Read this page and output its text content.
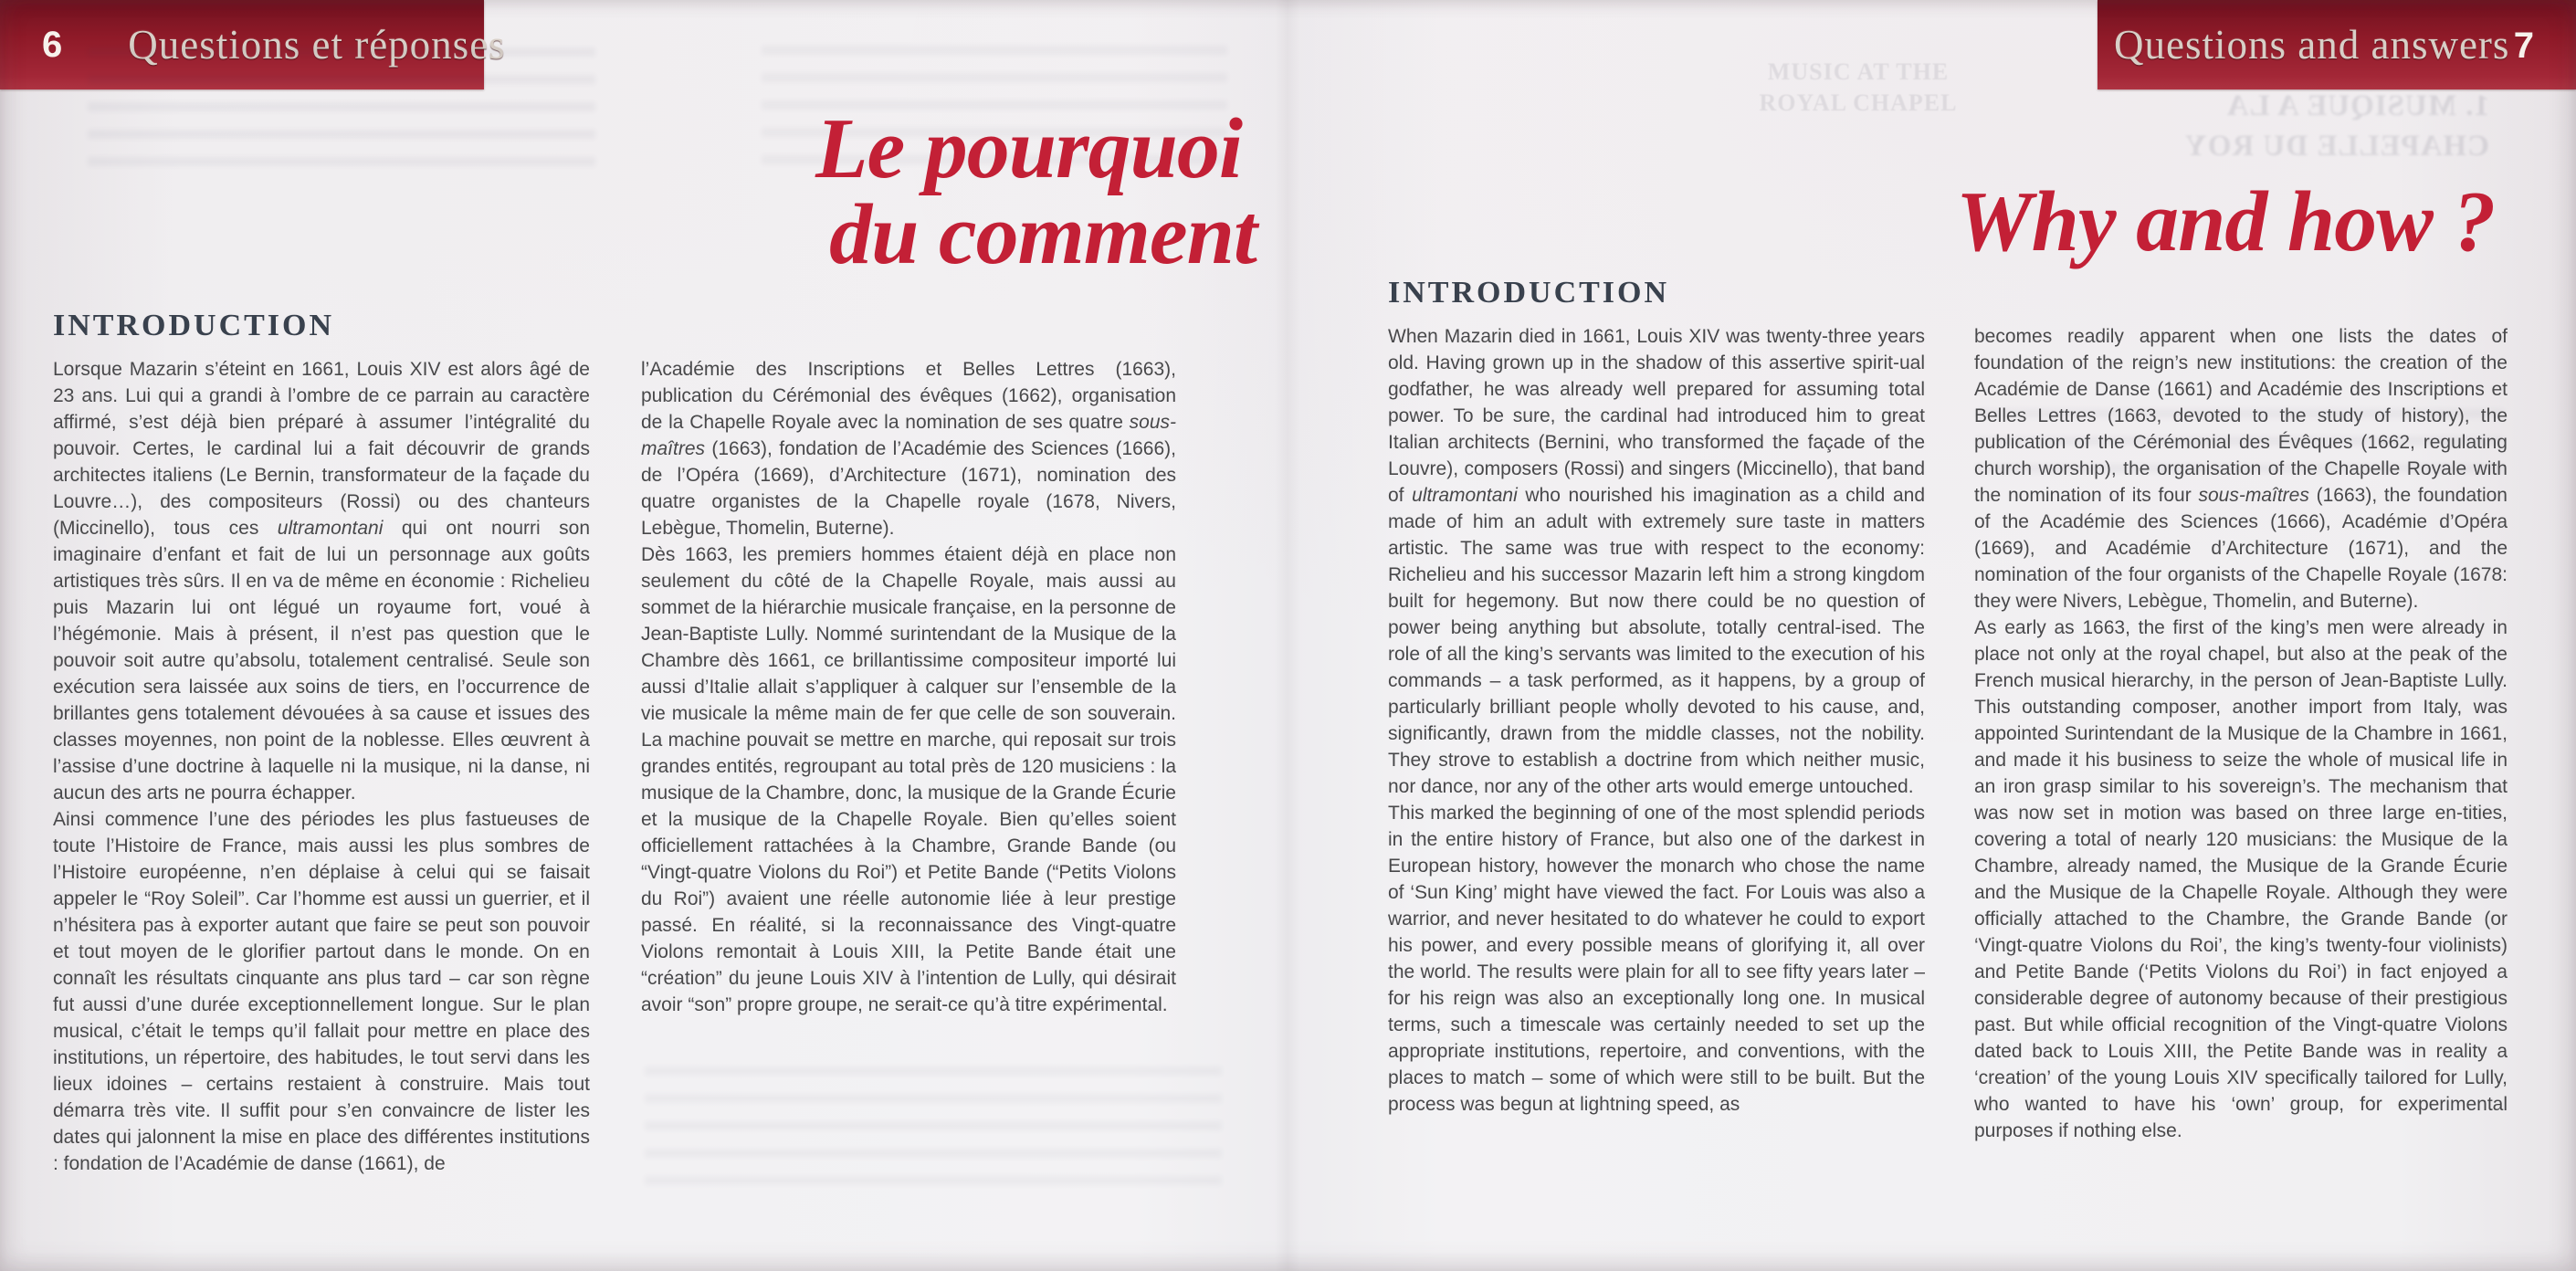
6 Questions et réponses
Le pourquoi
du comment
INTRODUCTION

Lorsque Mazarin s’éteint en 1661, Louis XIV est alors âgé de 23 ans. Lui qui a grandi à l’ombre de ce parrain au caractère affirmé, s’est déjà bien préparé à assumer l’intégralité du pouvoir. Certes, le cardinal lui a fait découvrir de grands architectes italiens (Le Bernin, transformateur de la façade du Louvre…), des compositeurs (Rossi) ou des chanteurs (Miccinello), tous ces ultramontani qui ont nourri son imaginaire d’enfant et fait de lui un personnage aux goûts artistiques très sûrs. Il en va de même en économie : Richelieu puis Mazarin lui ont légué un royaume fort, voué à l’hégémonie. Mais à présent, il n’est pas question que le pouvoir soit autre qu’absolu, totalement centralisé. Seule son exécution sera laissée aux soins de tiers, en l’occurrence de brillantes gens totalement dévouées à sa cause et issues des classes moyennes, non point de la noblesse. Elles œuvrent à l’assise d’une doctrine à laquelle ni la musique, ni la danse, ni aucun des arts ne pourra échapper.

Ainsi commence l’une des périodes les plus fastueuses de toute l’Histoire de France, mais aussi les plus sombres de l’Histoire européenne, n’en déplaise à celui qui se faisait appeler le “Roy Soleil”. Car l’homme est aussi un guerrier, et il n’hésitera pas à exporter autant que faire se peut son pouvoir et tout moyen de le glorifier partout dans le monde. On en connaît les résultats cinquante ans plus tard – car son règne fut aussi d’une durée exceptionnellement longue. Sur le plan musical, c’était le temps qu’il fallait pour mettre en place des institutions, un répertoire, des habitudes, le tout servi dans les lieux idoines – certains restaient à construire. Mais tout démarra très vite. Il suffit pour s’en convaincre de lister les dates qui jalonnent la mise en place des différentes institutions : fondation de l’Académie de danse (1661), de

l’Académie des Inscriptions et Belles Lettres (1663), publication du Cérémonial des évêques (1662), organisation de la Chapelle Royale avec la nomination de ses quatre sous-maîtres (1663), fondation de l’Académie des Sciences (1666), de l’Opéra (1669), d’Architecture (1671), nomination des quatre organistes de la Chapelle royale (1678, Nivers, Lebègue, Thomelin, Buterne).

Dès 1663, les premiers hommes étaient déjà en place non seulement du côté de la Chapelle Royale, mais aussi au sommet de la hiérarchie musicale française, en la personne de Jean-Baptiste Lully. Nommé surintendant de la Musique de la Chambre dès 1661, ce brillantissime compositeur importé lui aussi d’Italie allait s’appliquer à calquer sur l’ensemble de la vie musicale la même main de fer que celle de son souverain. La machine pouvait se mettre en marche, qui reposait sur trois grandes entités, regroupant au total près de 120 musiciens : la musique de la Chambre, donc, la musique de la Grande Écurie et la musique de la Chapelle Royale. Bien qu’elles soient officiellement rattachées à la Chambre, Grande Bande (ou “Vingt-quatre Violons du Roi”) et Petite Bande (“Petits Violons du Roi”) avaient une réelle autonomie liée à leur prestige passé. En réalité, si la reconnaissance des Vingt-quatre Violons remontait à Louis XIII, la Petite Bande était une “création” du jeune Louis XIV à l’intention de Lully, qui désirait avoir “son” propre groupe, ne serait-ce qu’à titre expérimental.

Questions and answers 7
MUSIC AT THE ROYAL CHAPEL	1. MUSIQUE A LA CHAPELLE DU ROY
Why and how ?
INTRODUCTION

When Mazarin died in 1661, Louis XIV was twenty-three years old. Having grown up in the shadow of this assertive spirit-ual godfather, he was already well prepared for assuming total power. To be sure, the cardinal had introduced him to great Italian architects (Bernini, who transformed the façade of the Louvre), composers (Rossi) and singers (Miccinello), that band of ultramontani who nourished his imagination as a child and made of him an adult with extremely sure taste in matters artistic. The same was true with respect to the economy: Richelieu and his successor Mazarin left him a strong kingdom built for hegemony. But now there could be no question of power being anything but absolute, totally central-ised. The role of all the king’s servants was limited to the execution of his commands – a task performed, as it happens, by a group of particularly brilliant people wholly devoted to his cause, and, significantly, drawn from the middle classes, not the nobility. They strove to establish a doctrine from which neither music, nor dance, nor any of the other arts would emerge untouched.

This marked the beginning of one of the most splendid periods in the entire history of France, but also one of the darkest in European history, however the monarch who chose the name of ‘Sun King’ might have viewed the fact. For Louis was also a warrior, and never hesitated to do whatever he could to export his power, and every possible means of glorifying it, all over the world. The results were plain for all to see fifty years later – for his reign was also an exceptionally long one. In musical terms, such a timescale was certainly needed to set up the appropriate institutions, repertoire, and conventions, with the places to match – some of which were still to be built. But the process was begun at lightning speed, as

becomes readily apparent when one lists the dates of foundation of the reign’s new institutions: the creation of the Académie de Danse (1661) and Académie des Inscriptions et Belles Lettres (1663, devoted to the study of history), the publication of the Cérémonial des Évêques (1662, regulating church worship), the organisation of the Chapelle Royale with the nomination of its four sous-maîtres (1663), the foundation of the Académie des Sciences (1666), Académie d’Opéra (1669), and Académie d’Architecture (1671), and the nomination of the four organists of the Chapelle Royale (1678: they were Nivers, Lebègue, Thomelin, and Buterne).

As early as 1663, the first of the king’s men were already in place not only at the royal chapel, but also at the peak of the French musical hierarchy, in the person of Jean-Baptiste Lully. This outstanding composer, another import from Italy, was appointed Surintendant de la Musique de la Chambre in 1661, and made it his business to seize the whole of musical life in an iron grasp similar to his sovereign’s. The mechanism that was now set in motion was based on three large en-tities, covering a total of nearly 120 musicians: the Musique de la Chambre, already named, the Musique de la Grande Écurie and the Musique de la Chapelle Royale. Although they were officially attached to the Chambre, the Grande Bande (or ‘Vingt-quatre Violons du Roi’, the king’s twenty-four violinists) and Petite Bande (‘Petits Violons du Roi’) in fact enjoyed a considerable degree of autonomy because of their prestigious past. But while official recognition of the Vingt-quatre Violons dated back to Louis XIII, the Petite Bande was in reality a ‘creation’ of the young Louis XIV specifically tailored for Lully, who wanted to have his ‘own’ group, for experimental purposes if nothing else.
